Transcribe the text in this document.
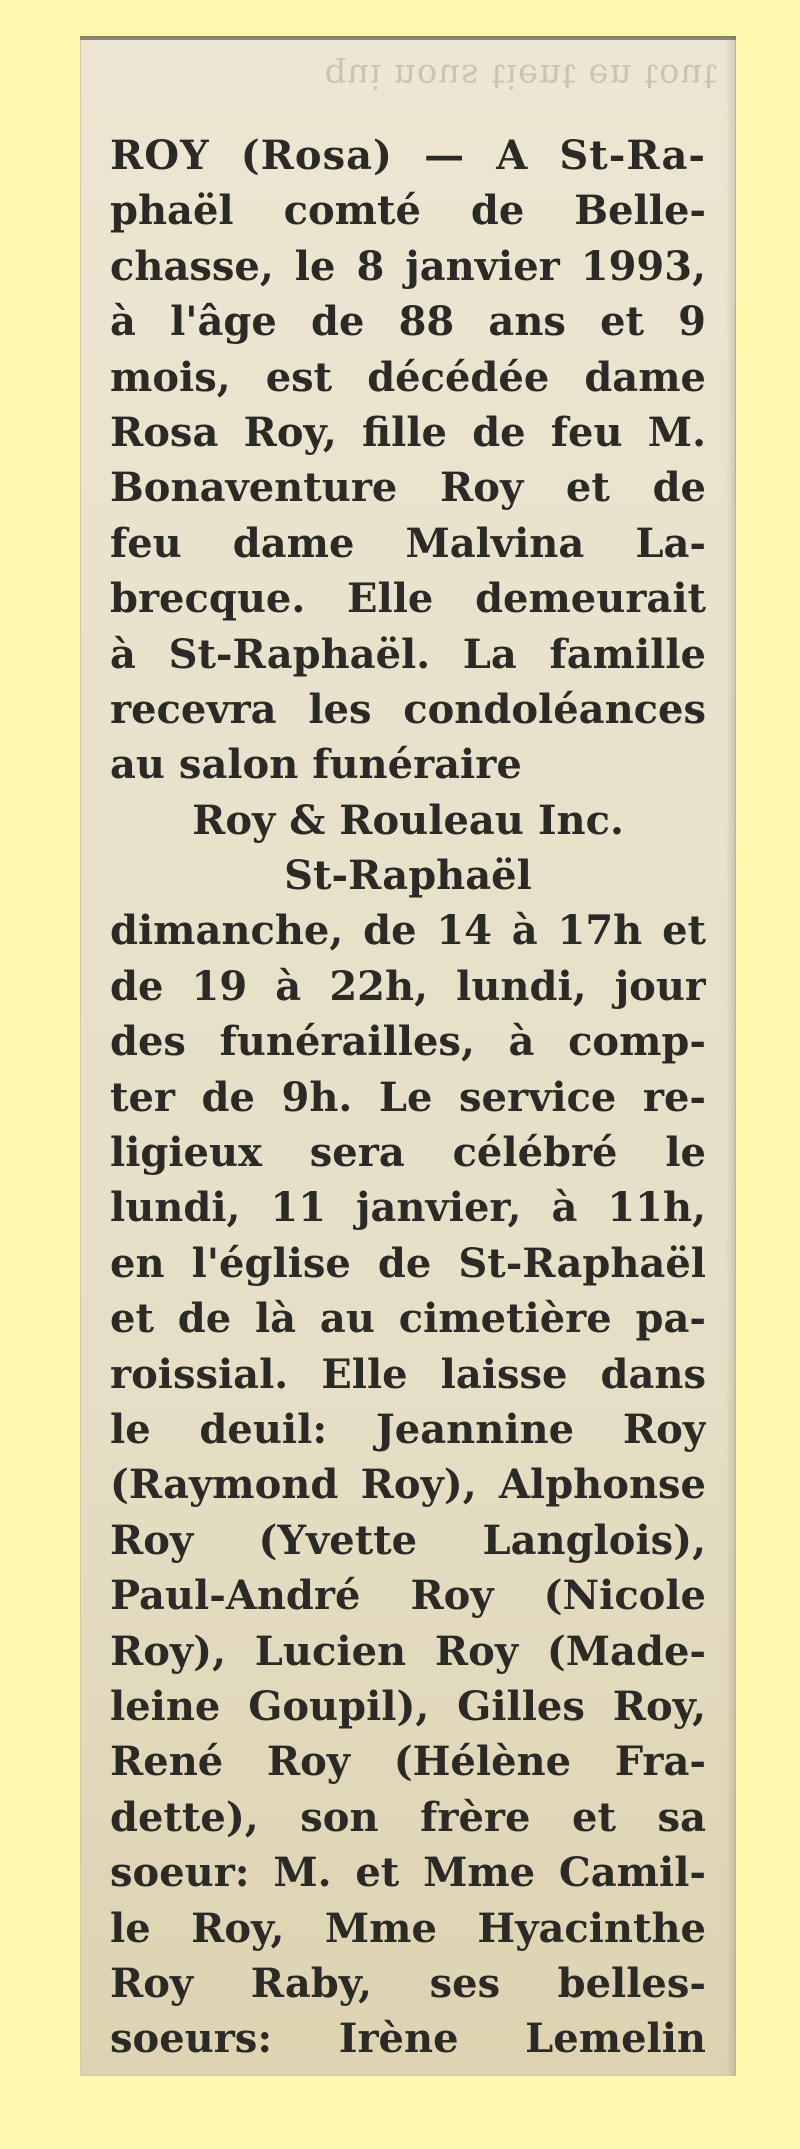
qui nous tient en tout
ROY (Rosa) — A St-Ra-
phaël comté de Belle-
chasse, le 8 janvier 1993,
à l'âge de 88 ans et 9
mois, est décédée dame
Rosa Roy, fille de feu M.
Bonaventure Roy et de
feu dame Malvina La-
brecque. Elle demeurait
à St-Raphaël. La famille
recevra les condoléances
au salon funéraire
Roy & Rouleau Inc.
St-Raphaël
dimanche, de 14 à 17h et
de 19 à 22h, lundi, jour
des funérailles, à comp-
ter de 9h. Le service re-
ligieux sera célébré le
lundi, 11 janvier, à 11h,
en l'église de St-Raphaël
et de là au cimetière pa-
roissial. Elle laisse dans
le deuil: Jeannine Roy
(Raymond Roy), Alphonse
Roy (Yvette Langlois),
Paul-André Roy (Nicole
Roy), Lucien Roy (Made-
leine Goupil), Gilles Roy,
René Roy (Hélène Fra-
dette), son frère et sa
soeur: M. et Mme Camil-
le Roy, Mme Hyacinthe
Roy Raby, ses belles-
soeurs: Irène Lemelin
